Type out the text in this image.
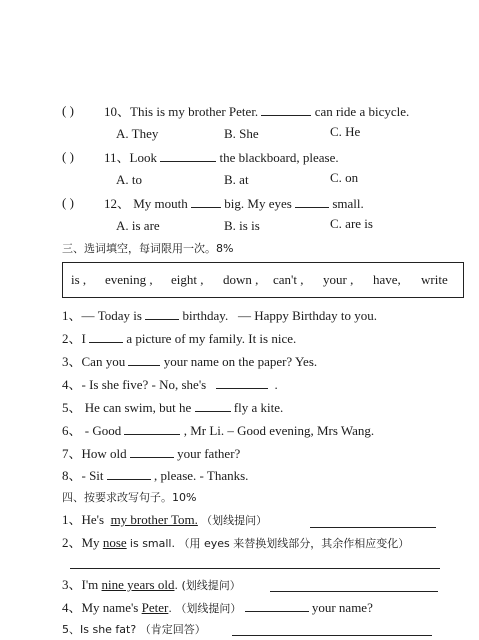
( ) 10、This is my brother Peter.	can ride a bicycle.
A. They	B. She	C. He
( ) 11、Look	the blackboard, please.
A. to	B. at	C. on
( ) 12、 My mouth	big. My eyes	small.
A. is are	B. is is	C. are is
三、选词填空，每词限用一次。8%
is , evening , eight , down , can't , your , have, write
1、— Today is	birthday. — Happy Birthday to you.
2、I	a picture of my family. It is nice.
3、Can you	your name on the paper? Yes.
4、- Is she five? - No, she's	.
5、 He can swim, but he	fly a kite.
6、 - Good	, Mr Li. – Good evening, Mrs Wang.
7、How old	your father?
8、- Sit	, please. - Thanks.
四、按要求改写句子。10%
1、He's my brother Tom. （划线提问）
2、My nose is small. （用 eyes 来替换划线部分，其余作相应变化）
3、I'm nine years old. (划线提问）
4、My name's Peter. （划线提问）	your name?
5、Is she fat? （肯定回答）
